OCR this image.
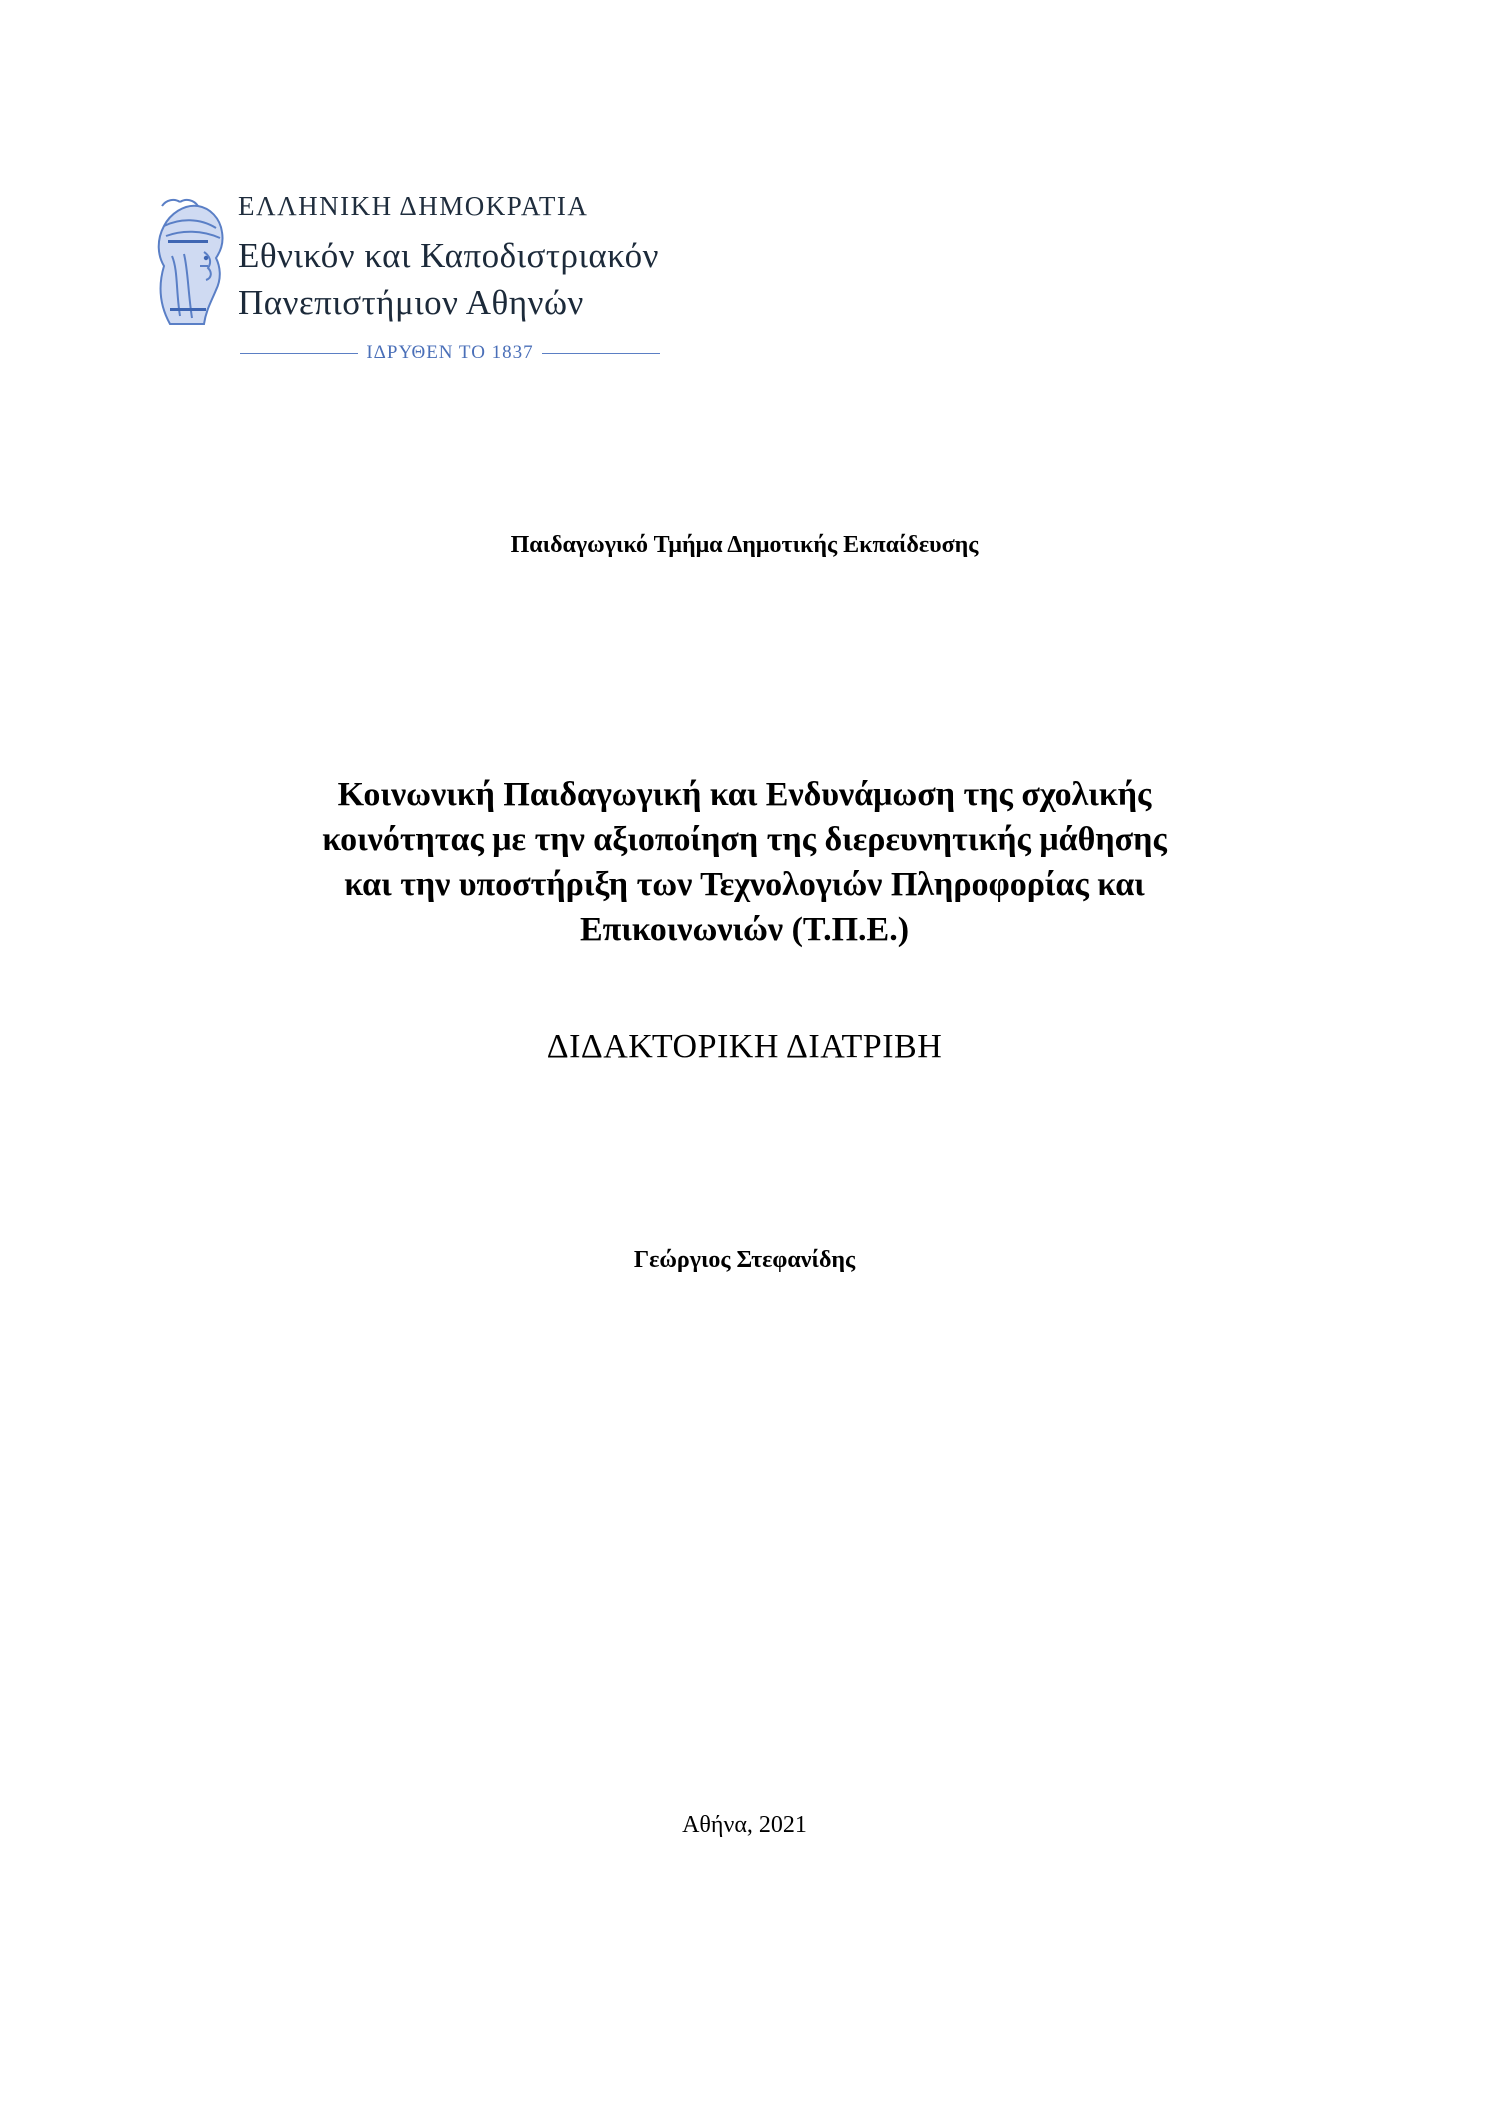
ΕΛΛΗΝΙΚΗ ΔΗΜΟΚΡΑΤΙΑ
Εθνικόν και Καποδιστριακόν
Πανεπιστήμιον Αθηνών
ΙΔΡΥΘΕΝ ΤΟ 1837
Παιδαγωγικό Τμήμα Δημοτικής Εκπαίδευσης
Κοινωνική Παιδαγωγική και Ενδυνάμωση της σχολικής
κοινότητας με την αξιοποίηση της διερευνητικής μάθησης
και την υποστήριξη των Τεχνολογιών Πληροφορίας και
Επικοινωνιών (Τ.Π.Ε.)
ΔΙΔΑΚΤΟΡΙΚΗ ΔΙΑΤΡΙΒΗ
Γεώργιος Στεφανίδης
Αθήνα, 2021
